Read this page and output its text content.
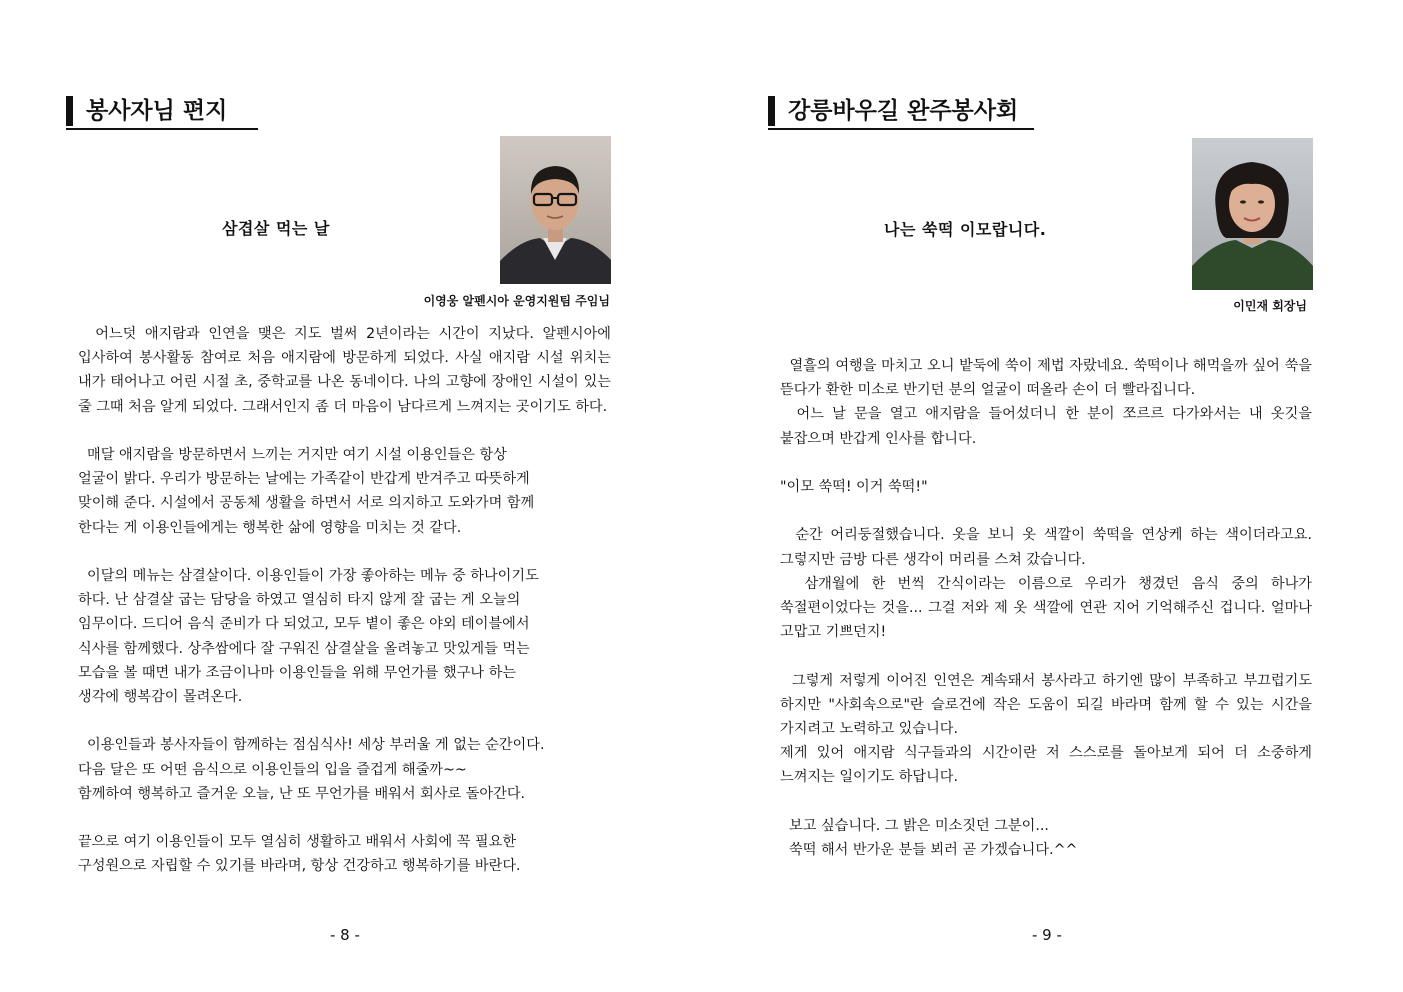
봉사자님 편지
삼겹살 먹는 날
이영웅 알펜시아 운영지원팀 주임님

어느덧 애지람과 인연을 맺은 지도 벌써 2년이라는 시간이 지났다. 알펜시아에 입사하여 봉사활동 참여로 처음 애지람에 방문하게 되었다. 사실 애지람 시설 위치는 내가 태어나고 어린 시절 초, 중학교를 나온 동네이다. 나의 고향에 장애인 시설이 있는 줄 그때 처음 알게 되었다. 그래서인지 좀 더 마음이 남다르게 느껴지는 곳이기도 하다.

매달 애지람을 방문하면서 느끼는 거지만 여기 시설 이용인들은 항상
얼굴이 밝다. 우리가 방문하는 날에는 가족같이 반갑게 반겨주고 따뜻하게
맞이해 준다. 시설에서 공동체 생활을 하면서 서로 의지하고 도와가며 함께
한다는 게 이용인들에게는 행복한 삶에 영향을 미치는 것 같다.

이달의 메뉴는 삼결살이다. 이용인들이 가장 좋아하는 메뉴 중 하나이기도
하다. 난 삼결살 굽는 담당을 하였고 열심히 타지 않게 잘 굽는 게 오늘의
임무이다. 드디어 음식 준비가 다 되었고, 모두 볕이 좋은 야외 테이블에서
식사를 함께했다. 상추쌈에다 잘 구워진 삼결살을 올려놓고 맛있게들 먹는
모습을 볼 때면 내가 조금이나마 이용인들을 위해 무언가를 했구나 하는
생각에 행복감이 몰려온다.

이용인들과 봉사자들이 함께하는 점심식사! 세상 부러울 게 없는 순간이다.
다음 달은 또 어떤 음식으로 이용인들의 입을 즐겁게 해줄까~~
함께하여 행복하고 즐거운 오늘, 난 또 무언가를 배워서 회사로 돌아간다.

끝으로 여기 이용인들이 모두 열심히 생활하고 배워서 사회에 꼭 필요한
구성원으로 자립할 수 있기를 바라며, 항상 건강하고 행복하기를 바란다.

- 8 -
강릉바우길 완주봉사회
나는 쑥떡 이모랍니다.
이민재 회장님

열흘의 여행을 마치고 오니 밭둑에 쑥이 제법 자랐네요. 쑥떡이나 해먹을까 싶어 쑥을 뜯다가 환한 미소로 반기던 분의 얼굴이 떠올라 손이 더 빨라집니다.
어느 날 문을 열고 애지람을 들어섰더니 한 분이 쪼르르 다가와서는 내 옷깃을 붙잡으며 반갑게 인사를 합니다.

"이모 쑥떡! 이거 쑥떡!"

순간 어리둥절했습니다. 옷을 보니 옷 색깔이 쑥떡을 연상케 하는 색이더라고요. 그렇지만 금방 다른 생각이 머리를 스쳐 갔습니다.
삼개월에 한 번씩 간식이라는 이름으로 우리가 챙겼던 음식 중의 하나가 쑥절편이었다는 것을... 그걸 저와 제 옷 색깔에 연관 지어 기억해주신 겁니다. 얼마나 고맙고 기쁘던지!

그렇게 저렇게 이어진 인연은 계속돼서 봉사라고 하기엔 많이 부족하고 부끄럽기도 하지만 "사회속으로"란 슬로건에 작은 도움이 되길 바라며 함께 할 수 있는 시간을 가지려고 노력하고 있습니다.
제게 있어 애지람 식구들과의 시간이란 저 스스로를 돌아보게 되어 더 소중하게 느껴지는 일이기도 하답니다.

보고 싶습니다. 그 밝은 미소짓던 그분이...
쑥떡 해서 반가운 분들 뵈러 곧 가겠습니다.^^

- 9 -
